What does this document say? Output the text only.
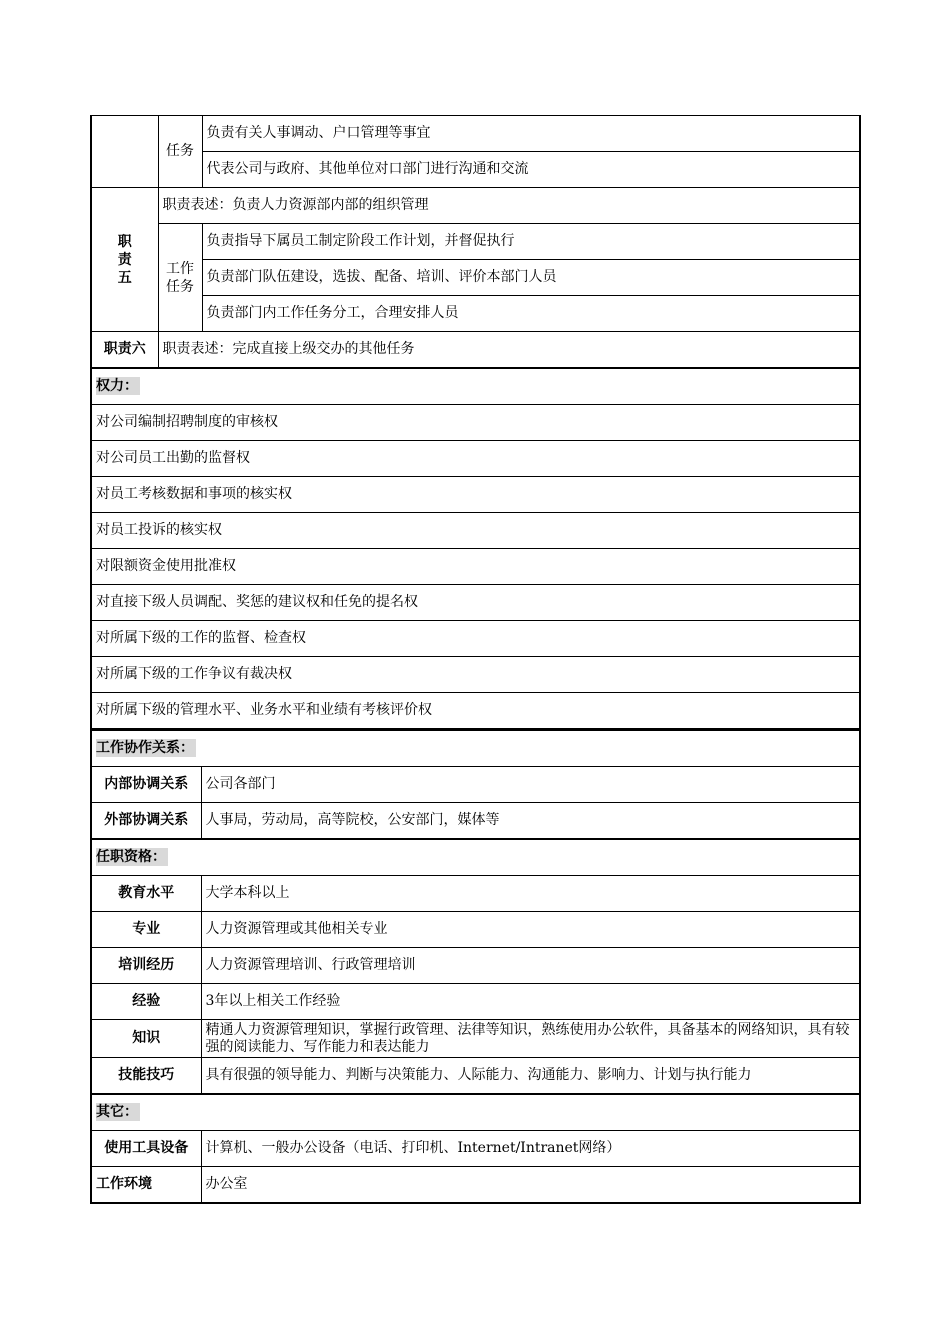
	任务	负责有关人事调动、户口管理等事宜
		代表公司与政府、其他单位对口部门进行沟通和交流
职
责
五	职责表述：负责人力资源部内部的组织管理	
	工作
任务	负责指导下属员工制定阶段工作计划，并督促执行
		负责部门队伍建设，选拔、配备、培训、评价本部门人员
		负责部门内工作任务分工，合理安排人员
职责六	职责表述：完成直接上级交办的其他任务	
权力：		
对公司编制招聘制度的审核权		
对公司员工出勤的监督权		
对员工考核数据和事项的核实权		
对员工投诉的核实权		
对限额资金使用批准权		
对直接下级人员调配、奖惩的建议权和任免的提名权		
对所属下级的工作的监督、检查权		
对所属下级的工作争议有裁决权		
对所属下级的管理水平、业务水平和业绩有考核评价权		
工作协作关系：	
内部协调关系	公司各部门
外部协调关系	人事局，劳动局，高等院校，公安部门，媒体等
任职资格：	
教育水平	大学本科以上
专业	人力资源管理或其他相关专业
培训经历	人力资源管理培训、行政管理培训
经验	3年以上相关工作经验
知识	精通人力资源管理知识，掌握行政管理、法律等知识，熟练使用办公软件，具备基本的网络知识，具有较强的阅读能力、写作能力和表达能力
技能技巧	具有很强的领导能力、判断与决策能力、人际能力、沟通能力、影响力、计划与执行能力
其它：	
使用工具设备	计算机、一般办公设备（电话、打印机、Internet/Intranet网络）
工作环境	办公室
